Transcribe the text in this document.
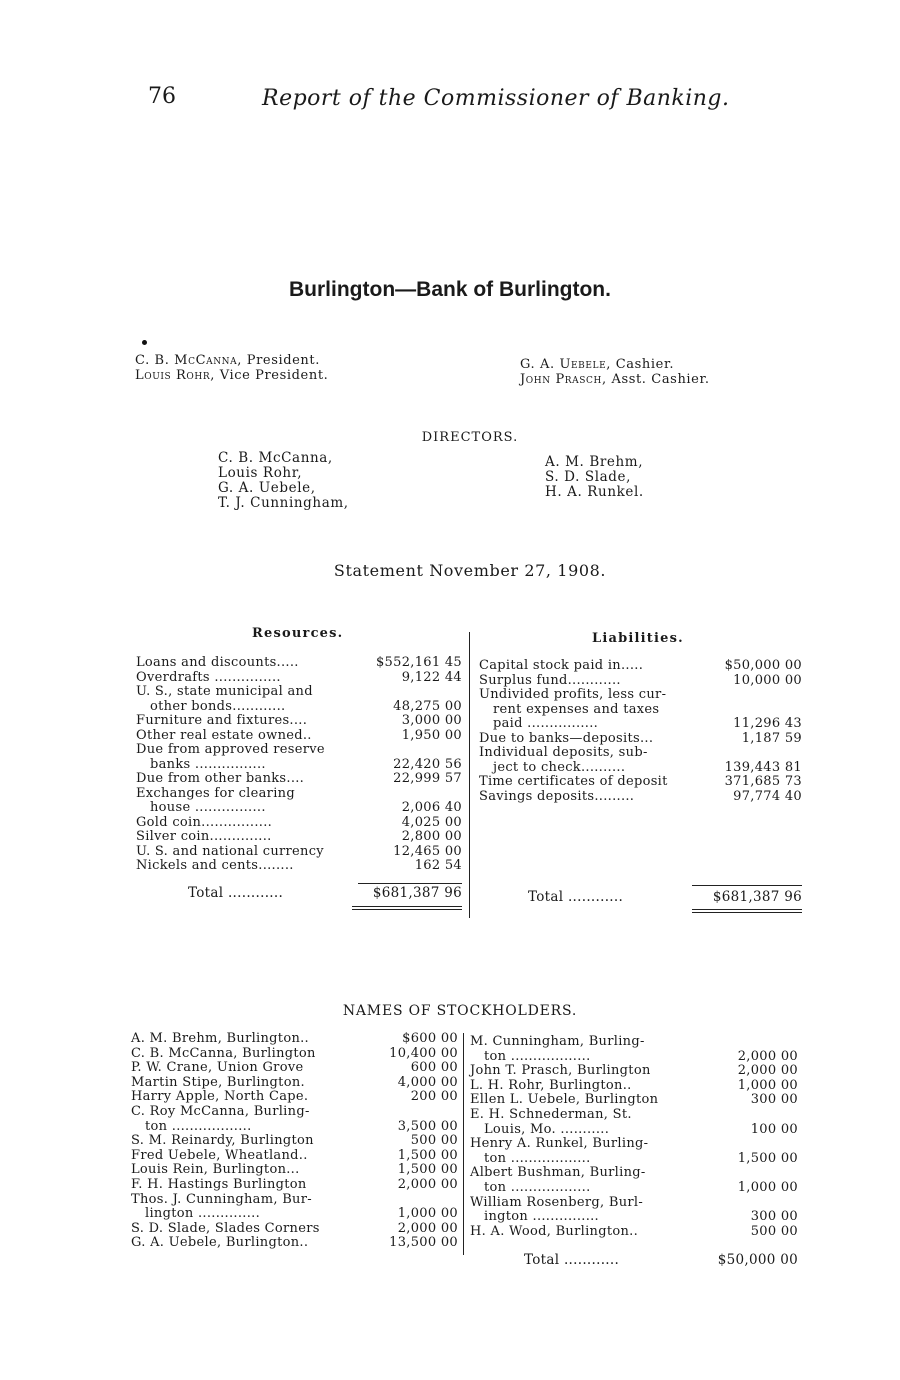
76	Report of the Commissioner of Banking.
Burlington—Bank of Burlington.
C. B. McCanna, President.
Louis Rohr, Vice President.
G. A. Uebele, Cashier.
John Prasch, Asst. Cashier.
DIRECTORS.
C. B. McCanna,
Louis Rohr,
G. A. Uebele,
T. J. Cunningham,
A. M. Brehm,
S. D. Slade,
H. A. Runkel.
Statement November 27, 1908.
Resources.	Liabilities.
Loans and discounts.....	$552,161 45
Overdrafts ...............	9,122 44
U. S., state municipal and
other bonds............	48,275 00
Furniture and fixtures....	3,000 00
Other real estate owned..	1,950 00
Due from approved reserve
banks ................	22,420 56
Due from other banks....	22,999 57
Exchanges for clearing
house ................	2,006 40
Gold coin................	4,025 00
Silver coin..............	2,800 00
U. S. and national currency	12,465 00
Nickels and cents........	162 54
Capital stock paid in.....	$50,000 00
Surplus fund............	10,000 00
Undivided profits, less cur-
rent expenses and taxes
paid ................	11,296 43
Due to banks—deposits...	1,187 59
Individual deposits, sub-
ject to check..........	139,443 81
Time certificates of deposit	371,685 73
Savings deposits.........	97,774 40
Total ............	$681,387 96	Total ............	$681,387 96
NAMES OF STOCKHOLDERS.
A. M. Brehm, Burlington..	$600 00
C. B. McCanna, Burlington	10,400 00
P. W. Crane, Union Grove	600 00
Martin Stipe, Burlington.	4,000 00
Harry Apple, North Cape.	200 00
C. Roy McCanna, Burling-
ton ..................	3,500 00
S. M. Reinardy, Burlington	500 00
Fred Uebele, Wheatland..	1,500 00
Louis Rein, Burlington...	1,500 00
F. H. Hastings Burlington	2,000 00
Thos. J. Cunningham, Bur-
lington ..............	1,000 00
S. D. Slade, Slades Corners	2,000 00
G. A. Uebele, Burlington..	13,500 00
M. Cunningham, Burling-
ton ..................	2,000 00
John T. Prasch, Burlington	2,000 00
L. H. Rohr, Burlington..	1,000 00
Ellen L. Uebele, Burlington	300 00
E. H. Schnederman, St.
Louis, Mo. ...........	100 00
Henry A. Runkel, Burling-
ton ..................	1,500 00
Albert Bushman, Burling-
ton ..................	1,000 00
William Rosenberg, Burl-
ington ...............	300 00
H. A. Wood, Burlington..	500 00
Total ............	$50,000 00
